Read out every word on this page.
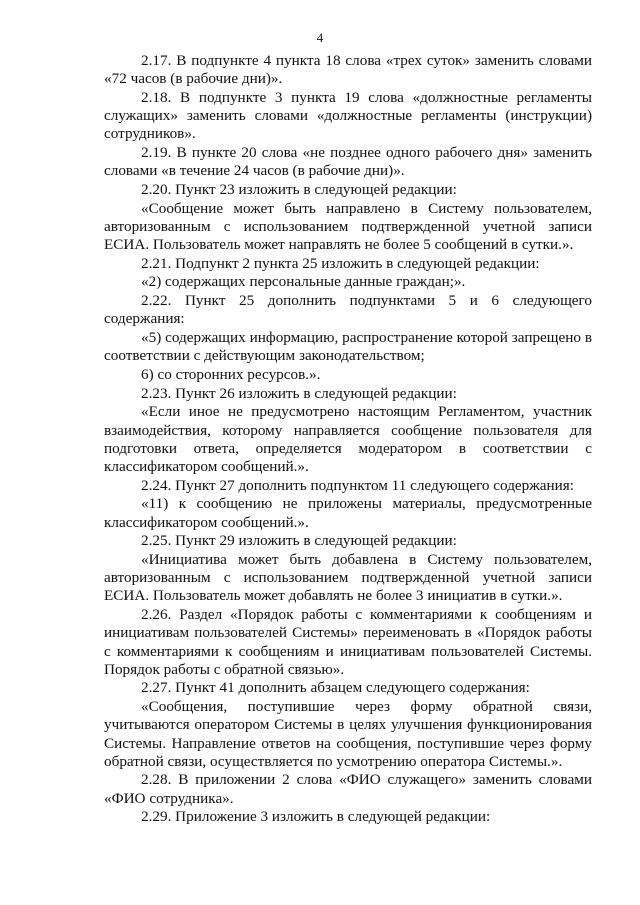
4

2.17. В подпункте 4 пункта 18 слова «трех суток» заменить словами «72 часов (в рабочие дни)».

2.18. В подпункте 3 пункта 19 слова «должностные регламенты служащих» заменить словами «должностные регламенты (инструкции) сотрудников».

2.19. В пункте 20 слова «не позднее одного рабочего дня» заменить словами «в течение 24 часов (в рабочие дни)».

2.20. Пункт 23 изложить в следующей редакции:

«Сообщение может быть направлено в Систему пользователем, авторизованным с использованием подтвержденной учетной записи ЕСИА. Пользователь может направлять не более 5 сообщений в сутки.».

2.21. Подпункт 2 пункта 25 изложить в следующей редакции:

«2) содержащих персональные данные граждан;».

2.22. Пункт 25 дополнить подпунктами 5 и 6 следующего содержания:

«5) содержащих информацию, распространение которой запрещено в соответствии с действующим законодательством;

6) со сторонних ресурсов.».

2.23. Пункт 26 изложить в следующей редакции:

«Если иное не предусмотрено настоящим Регламентом, участник взаимодействия, которому направляется сообщение пользователя для подготовки ответа, определяется модератором в соответствии с классификатором сообщений.».

2.24. Пункт 27 дополнить подпунктом 11 следующего содержания:

«11) к сообщению не приложены материалы, предусмотренные классификатором сообщений.».

2.25. Пункт 29 изложить в следующей редакции:

«Инициатива может быть добавлена в Систему пользователем, авторизованным с использованием подтвержденной учетной записи ЕСИА. Пользователь может добавлять не более 3 инициатив в сутки.».

2.26. Раздел «Порядок работы с комментариями к сообщениям и инициативам пользователей Системы» переименовать в «Порядок работы с комментариями к сообщениям и инициативам пользователей Системы. Порядок работы с обратной связью».

2.27. Пункт 41 дополнить абзацем следующего содержания:

«Сообщения, поступившие через форму обратной связи, учитываются оператором Системы в целях улучшения функционирования Системы. Направление ответов на сообщения, поступившие через форму обратной связи, осуществляется по усмотрению оператора Системы.».

2.28. В приложении 2 слова «ФИО служащего» заменить словами «ФИО сотрудника».

2.29. Приложение 3 изложить в следующей редакции:
